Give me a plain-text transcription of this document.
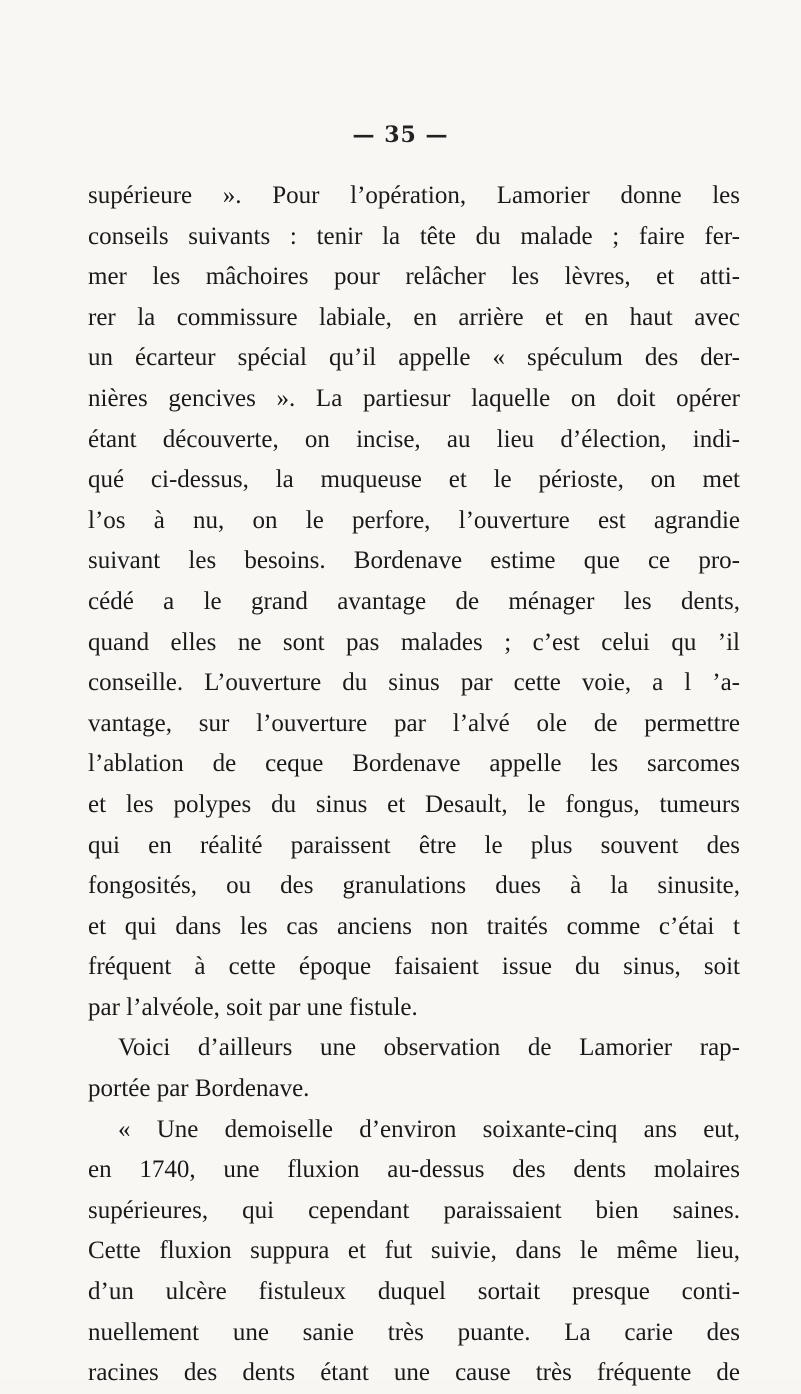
— 35 —
supérieure ». Pour l’opération, Lamorier donne les
conseils suivants : tenir la tête du malade ; faire fer-
mer les mâchoires pour relâcher les lèvres, et atti-
rer la commissure labiale, en arrière et en haut avec
un écarteur spécial qu’il appelle « spéculum des der-
nières gencives ». La partiesur laquelle on doit opérer
étant découverte, on incise, au lieu d’élection, indi-
qué ci-dessus, la muqueuse et le périoste, on met
l’os à nu, on le perfore, l’ouverture est agrandie
suivant les besoins. Bordenave estime que ce pro-
cédé a le grand avantage de ménager les dents,
quand elles ne sont pas malades ; c’est celui qu ’il
conseille. L’ouverture du sinus par cette voie, a l ’a-
vantage, sur l’ouverture par l’alvé ole de permettre
l’ablation de ceque Bordenave appelle les sarcomes
et les polypes du sinus et Desault, le fongus, tumeurs
qui en réalité paraissent être le plus souvent des
fongosités, ou des granulations dues à la sinusite,
et qui dans les cas anciens non traités comme c’étai t
fréquent à cette époque faisaient issue du sinus, soit
par l’alvéole, soit par une fistule.
Voici d’ailleurs une observation de Lamorier rap-
portée par Bordenave.
« Une demoiselle d’environ soixante-cinq ans eut,
en 1740, une fluxion au-dessus des dents molaires
supérieures, qui cependant paraissaient bien saines.
Cette fluxion suppura et fut suivie, dans le même lieu,
d’un ulcère fistuleux duquel sortait presque conti-
nuellement une sanie très puante. La carie des
racines des dents étant une cause très fréquente de
